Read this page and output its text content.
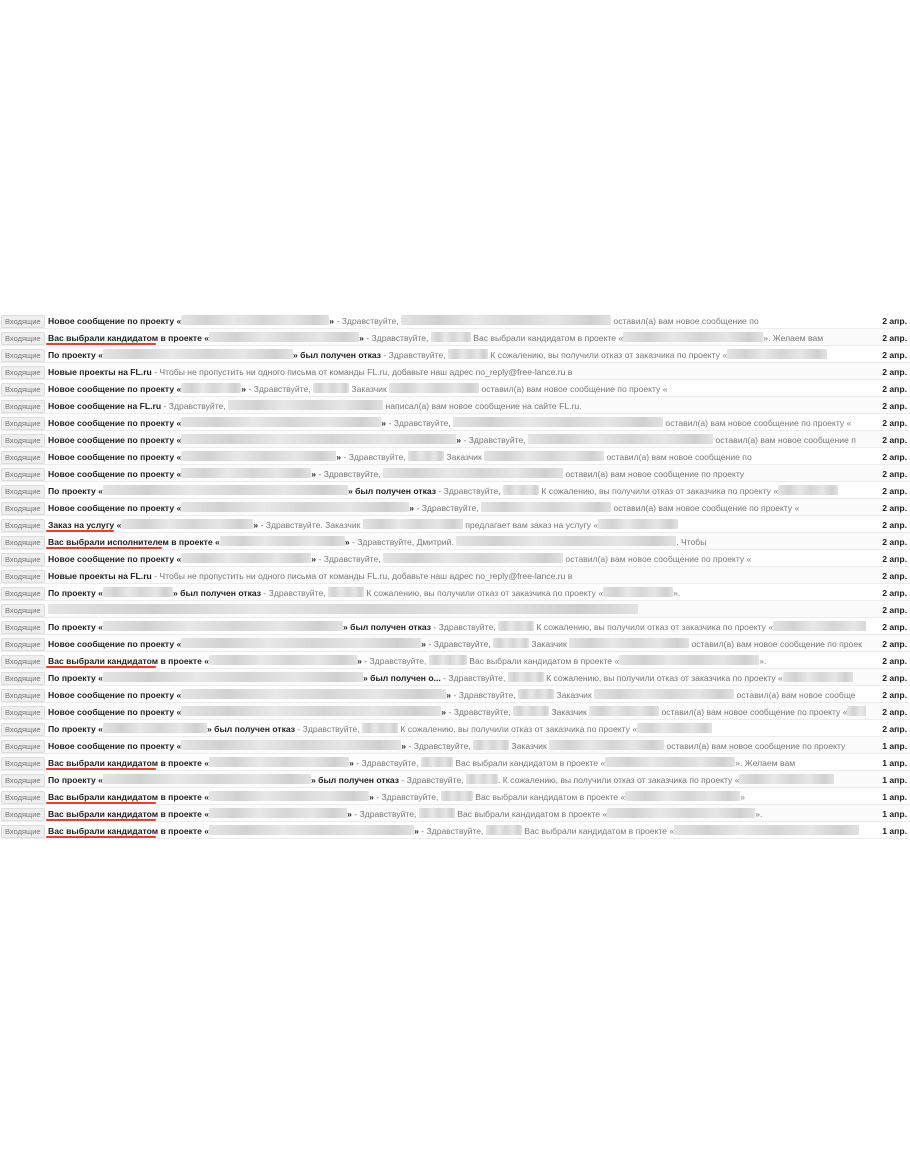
Входящие Новое сообщение по проекту «	» - Здравствуйте,	оставил(а) вам новое сообщение по	2 апр.
Входящие Вас выбрали кандидатом в проекте «	» - Здравствуйте,	Вас выбрали кандидатом в проекте «	». Желаем вам	2 апр.
Входящие По проекту «	» был получен отказ - Здравствуйте,	К сожалению, вы получили отказ от заказчика по проекту «	2 апр.
Входящие Новые проекты на FL.ru - Чтобы не пропустить ни одного письма от команды FL.ru, добавьте наш адрес no_reply@free-lance.ru в	2 апр.
Входящие Новое сообщение по проекту «	» - Здравствуйте,	Заказчик	оставил(а) вам новое сообщение по проекту «	2 апр.
Входящие Новое сообщение на FL.ru - Здравствуйте,	написал(а) вам новое сообщение на сайте FL.ru.	2 апр.
Входящие Новое сообщение по проекту «	» - Здравствуйте,	оставил(а) вам новое сообщение по проекту «	2 апр.
Входящие Новое сообщение по проекту «	» - Здравствуйте,	оставил(а) вам новое сообщение п	2 апр.
Входящие Новое сообщение по проекту «	» - Здравствуйте,	Заказчик	оставил(а) вам новое сообщение по	2 апр.
Входящие Новое сообщение по проекту «	» - Здравствуйте,	оставил(а) вам новое сообщение по проекту	2 апр.
Входящие По проекту «	» был получен отказ - Здравствуйте,	К сожалению, вы получили отказ от заказчика по проекту «	2 апр.
Входящие Новое сообщение по проекту «	» - Здравствуйте,	оставил(а) вам новое сообщение по проекту «	2 апр.
Входящие Заказ на услугу «	» - Здравствуйте. Заказчик	предлагает вам заказ на услугу «	2 апр.
Входящие Вас выбрали исполнителем в проекте «	» - Здравствуйте, Дмитрий.	. Чтобы	2 апр.
Входящие Новое сообщение по проекту «	» - Здравствуйте,	оставил(а) вам новое сообщение по проекту «	2 апр.
Входящие Новые проекты на FL.ru - Чтобы не пропустить ни одного письма от команды FL.ru, добавьте наш адрес no_reply@free-lance.ru в	2 апр.
Входящие По проекту «	» был получен отказ - Здравствуйте,	К сожалению, вы получили отказ от заказчика по проекту «	».	2 апр.
Входящие	2 апр.
Входящие По проекту «	» был получен отказ - Здравствуйте,	К сожалению, вы получили отказ от заказчика по проекту «	2 апр.
Входящие Новое сообщение по проекту «	» - Здравствуйте,	Заказчик	оставил(а) вам новое сообщение по проек	2 апр.
Входящие Вас выбрали кандидатом в проекте «	» - Здравствуйте,	Вас выбрали кандидатом в проекте «	».	2 апр.
Входящие По проекту «	» был получен о... - Здравствуйте,	К сожалению, вы получили отказ от заказчика по проекту «	2 апр.
Входящие Новое сообщение по проекту «	» - Здравствуйте,	Заказчик	оставил(а) вам новое сообще	2 апр.
Входящие Новое сообщение по проекту «	» - Здравствуйте,	Заказчик	оставил(а) вам новое сообщение по проекту «	2 апр.
Входящие По проекту «	» был получен отказ - Здравствуйте,	К сожалению, вы получили отказ от заказчика по проекту «	2 апр.
Входящие Новое сообщение по проекту «	» - Здравствуйте,	Заказчик	оставил(а) вам новое сообщение по проекту	1 апр.
Входящие Вас выбрали кандидатом в проекте «	» - Здравствуйте,	Вас выбрали кандидатом в проекте «	». Желаем вам	1 апр.
Входящие По проекту «	» был получен отказ - Здравствуйте,	. К сожалению, вы получили отказ от заказчика по проекту «	1 апр.
Входящие Вас выбрали кандидатом в проекте «	» - Здравствуйте,	Вас выбрали кандидатом в проекте «	»	1 апр.
Входящие Вас выбрали кандидатом в проекте «	» - Здравствуйте,	Вас выбрали кандидатом в проекте «	».	1 апр.
Входящие Вас выбрали кандидатом в проекте «	» - Здравствуйте,	Вас выбрали кандидатом в проекте «	1 апр.
